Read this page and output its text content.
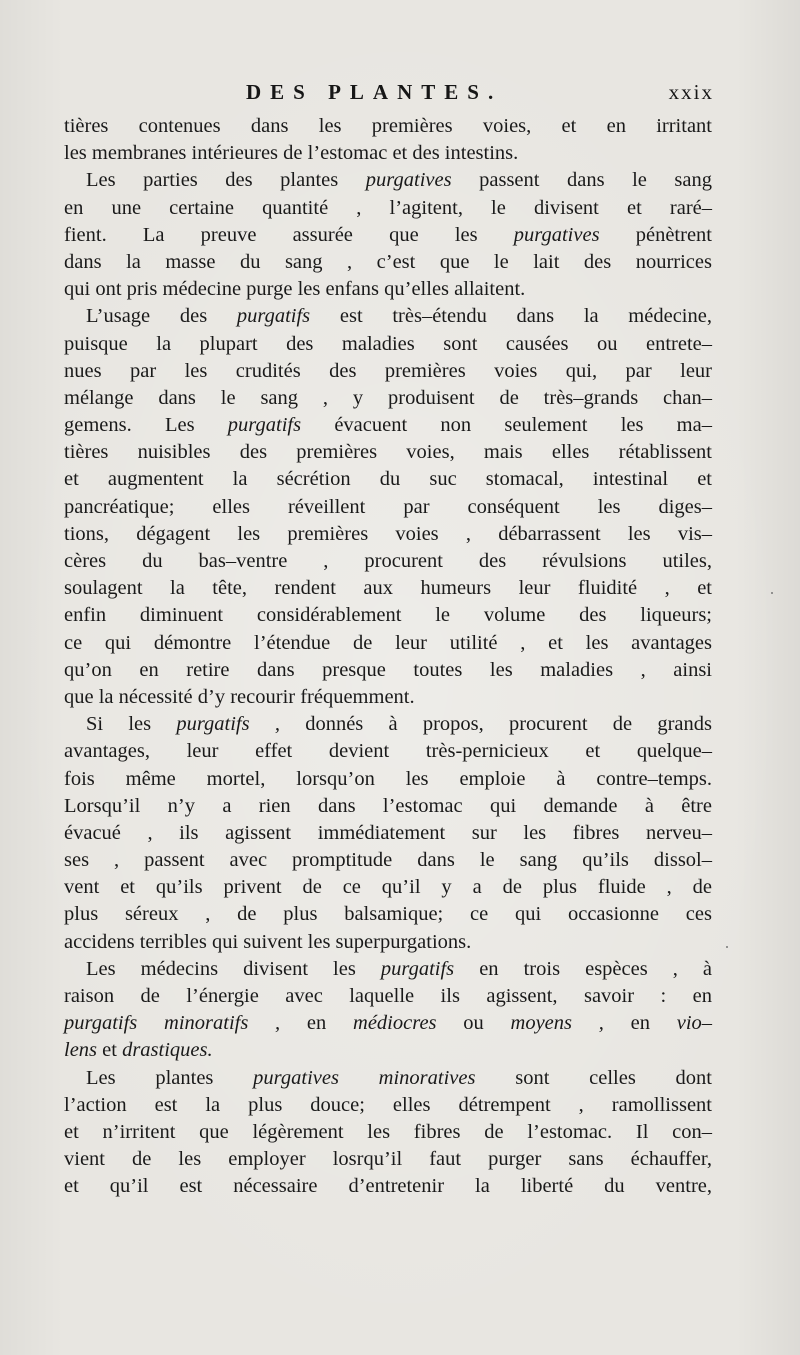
DES PLANTES.	xxix
tières contenues dans les premières voies, et en irritant
les membranes intérieures de l’estomac et des intestins.
Les parties des plantes purgatives passent dans le sang
en une certaine quantité , l’agitent, le divisent et raré–
fient. La preuve assurée que les purgatives pénètrent
dans la masse du sang , c’est que le lait des nourrices
qui ont pris médecine purge les enfans qu’elles allaitent.
L’usage des purgatifs est très–étendu dans la médecine,
puisque la plupart des maladies sont causées ou entrete–
nues par les crudités des premières voies qui, par leur
mélange dans le sang , y produisent de très–grands chan–
gemens. Les purgatifs évacuent non seulement les ma–
tières nuisibles des premières voies, mais elles rétablissent
et augmentent la sécrétion du suc stomacal, intestinal et
pancréatique; elles réveillent par conséquent les diges–
tions, dégagent les premières voies , débarrassent les vis–
cères du bas–ventre , procurent des révulsions utiles,
soulagent la tête, rendent aux humeurs leur fluidité , et
enfin diminuent considérablement le volume des liqueurs;
ce qui démontre l’étendue de leur utilité , et les avantages
qu’on en retire dans presque toutes les maladies , ainsi
que la nécessité d’y recourir fréquemment.
Si les purgatifs , donnés à propos, procurent de grands
avantages, leur effet devient très-pernicieux et quelque–
fois même mortel, lorsqu’on les emploie à contre–temps.
Lorsqu’il n’y a rien dans l’estomac qui demande à être
évacué , ils agissent immédiatement sur les fibres nerveu–
ses , passent avec promptitude dans le sang qu’ils dissol–
vent et qu’ils privent de ce qu’il y a de plus fluide , de
plus séreux , de plus balsamique; ce qui occasionne ces
accidens terribles qui suivent les superpurgations.
Les médecins divisent les purgatifs en trois espèces , à
raison de l’énergie avec laquelle ils agissent, savoir : en
purgatifs minoratifs , en médiocres ou moyens , en vio–
lens et drastiques.
Les plantes purgatives minoratives sont celles dont
l’action est la plus douce; elles détrempent , ramollissent
et n’irritent que légèrement les fibres de l’estomac. Il con–
vient de les employer losrqu’il faut purger sans échauffer,
et qu’il est nécessaire d’entretenir la liberté du ventre,
